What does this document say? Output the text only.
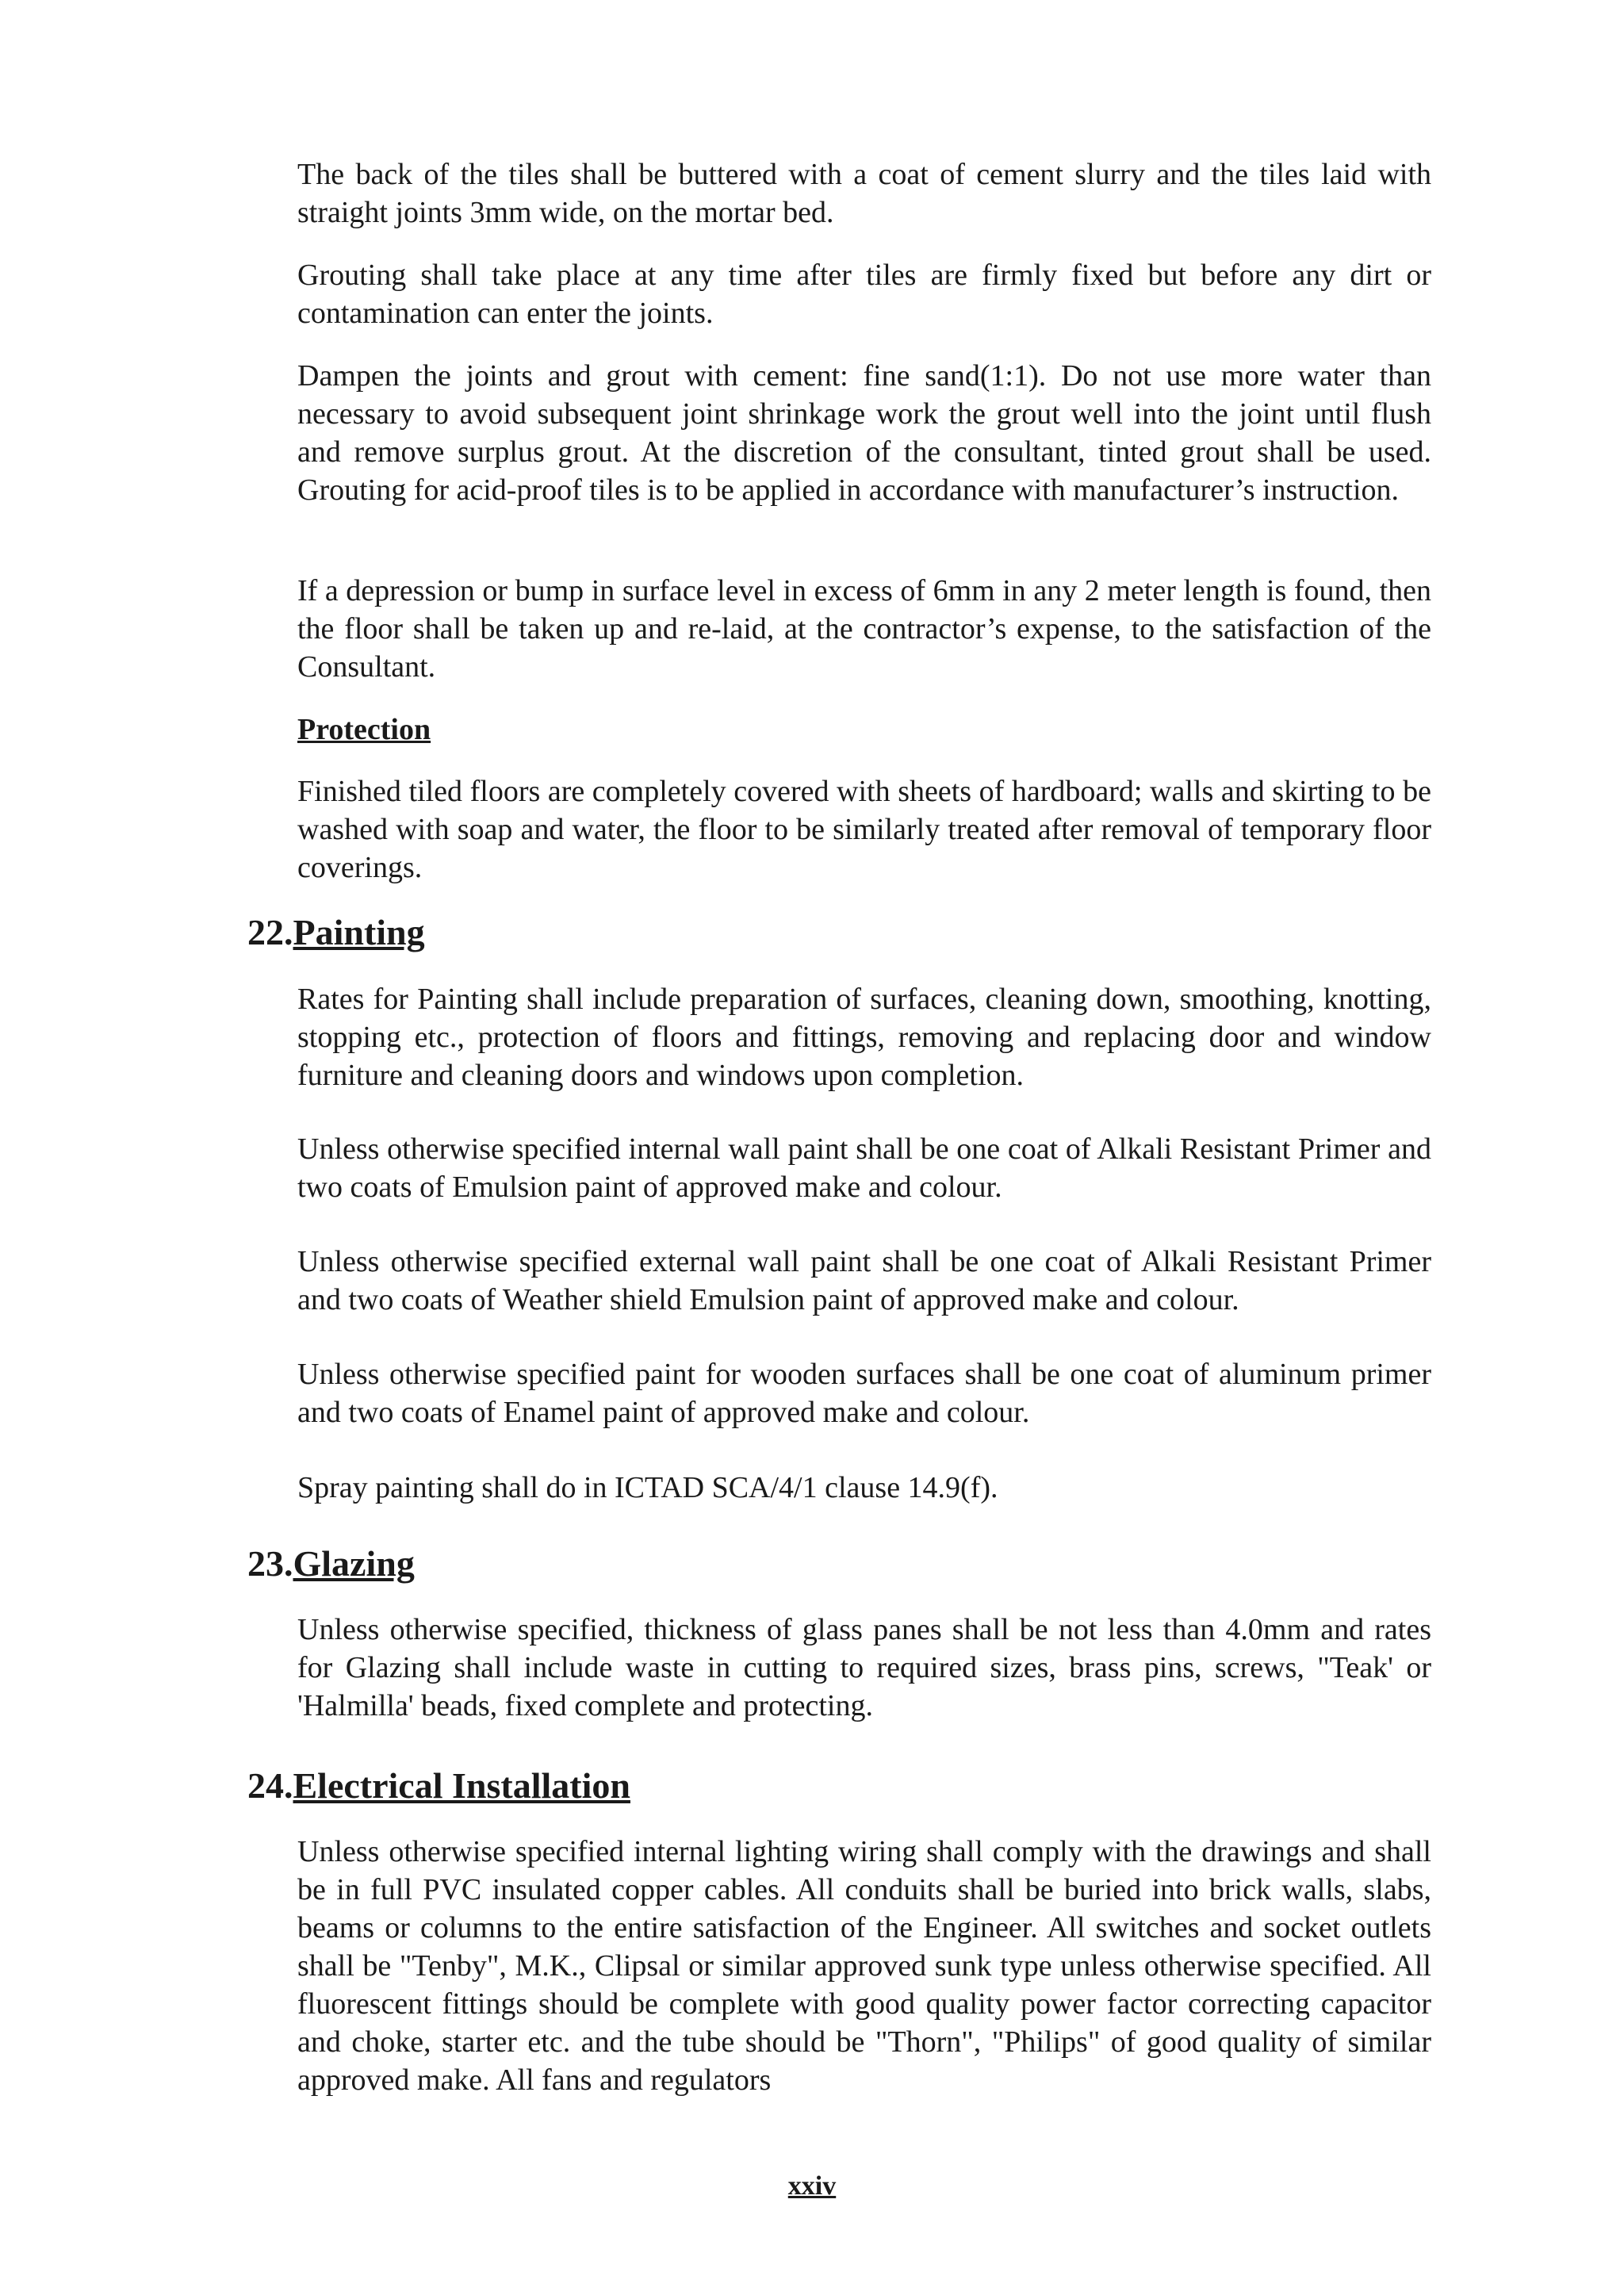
The back of the tiles shall be buttered with a coat of cement slurry and the tiles laid with straight joints 3mm wide, on the mortar bed.

Grouting shall take place at any time after tiles are firmly fixed but before any dirt or contamination can enter the joints.

Dampen the joints and grout with cement: fine sand(1:1). Do not use more water than necessary to avoid subsequent joint shrinkage work the grout well into the joint until flush and remove surplus grout. At the discretion of the consultant, tinted grout shall be used. Grouting for acid-proof tiles is to be applied in accordance with manufacturer’s instruction.

If a depression or bump in surface level in excess of 6mm in any 2 meter length is found, then the floor shall be taken up and re-laid, at the contractor’s expense, to the satisfaction of the Consultant.

Protection

Finished tiled floors are completely covered with sheets of hardboard; walls and skirting to be washed with soap and water, the floor to be similarly treated after removal of temporary floor coverings.

22.Painting

Rates for Painting shall include preparation of surfaces, cleaning down, smoothing, knotting, stopping etc., protection of floors and fittings, removing and replacing door and window furniture and cleaning doors and windows upon completion.

Unless otherwise specified internal wall paint shall be one coat of Alkali Resistant Primer and two coats of Emulsion paint of approved make and colour.

Unless otherwise specified external wall paint shall be one coat of Alkali Resistant Primer and two coats of Weather shield Emulsion paint of approved make and colour.

Unless otherwise specified paint for wooden surfaces shall be one coat of aluminum primer and two coats of Enamel paint of approved make and colour.

Spray painting shall do in ICTAD SCA/4/1 clause 14.9(f).

23.Glazing

Unless otherwise specified, thickness of glass panes shall be not less than 4.0mm and rates for Glazing shall include waste in cutting to required sizes, brass pins, screws, "Teak' or 'Halmilla' beads, fixed complete and protecting.

24.Electrical Installation

Unless otherwise specified internal lighting wiring shall comply with the drawings and shall be in full PVC insulated copper cables. All conduits shall be buried into brick walls, slabs, beams or columns to the entire satisfaction of the Engineer. All switches and socket outlets shall be "Tenby", M.K., Clipsal or similar approved sunk type unless otherwise specified. All fluorescent fittings should be complete with good quality power factor correcting capacitor and choke, starter etc. and the tube should be "Thorn", "Philips" of good quality of similar approved make. All fans and regulators

xxiv
